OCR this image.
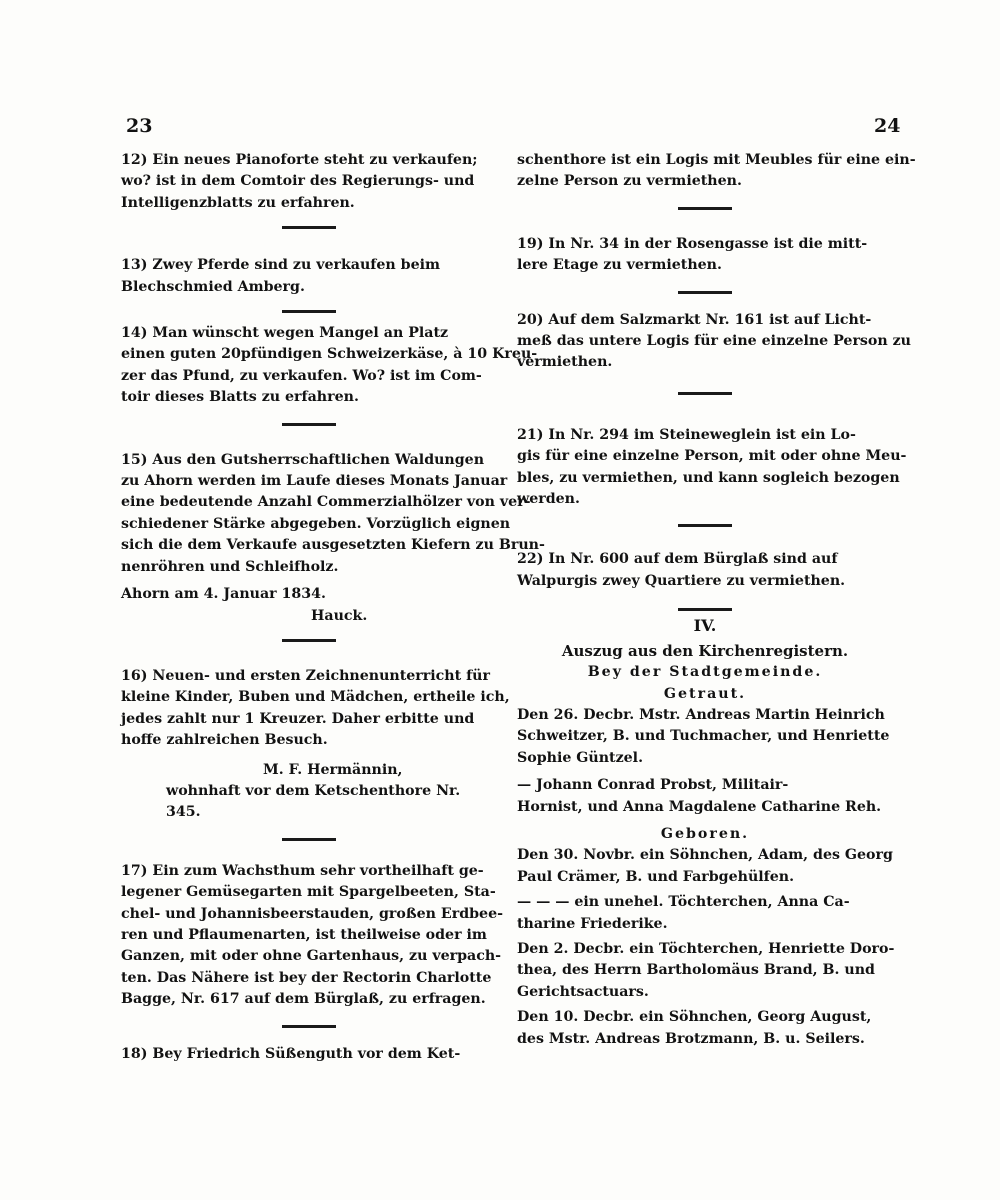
23	24
12) Ein neues Pianoforte steht zu verkaufen;
wo? ist in dem Comtoir des Regierungs- und
Intelligenzblatts zu erfahren.
13) Zwey Pferde sind zu verkaufen beim
Blechschmied Amberg.
14) Man wünscht wegen Mangel an Platz
einen guten 20pfündigen Schweizerkäse, à 10 Kreu-
zer das Pfund, zu verkaufen. Wo? ist im Com-
toir dieses Blatts zu erfahren.
15) Aus den Gutsherrschaftlichen Waldungen
zu Ahorn werden im Laufe dieses Monats Januar
eine bedeutende Anzahl Commerzialhölzer von ver-
schiedener Stärke abgegeben. Vorzüglich eignen
sich die dem Verkaufe ausgesetzten Kiefern zu Brun-
nenröhren und Schleifholz.
Ahorn am 4. Januar 1834.
Hauck.
16) Neuen- und ersten Zeichnenunterricht für
kleine Kinder, Buben und Mädchen, ertheile ich,
jedes zahlt nur 1 Kreuzer. Daher erbitte und
hoffe zahlreichen Besuch.
M. F. Hermännin,
wohnhaft vor dem Ketschenthore Nr. 345.
17) Ein zum Wachsthum sehr vortheilhaft ge-
legener Gemüsegarten mit Spargelbeeten, Sta-
chel- und Johannisbeerstauden, großen Erdbee-
ren und Pflaumenarten, ist theilweise oder im
Ganzen, mit oder ohne Gartenhaus, zu verpach-
ten. Das Nähere ist bey der Rectorin Charlotte
Bagge, Nr. 617 auf dem Bürglaß, zu erfragen.
18) Bey Friedrich Süßenguth vor dem Ket-
schenthore ist ein Logis mit Meubles für eine ein-
zelne Person zu vermiethen.
19) In Nr. 34 in der Rosengasse ist die mitt-
lere Etage zu vermiethen.
20) Auf dem Salzmarkt Nr. 161 ist auf Licht-
meß das untere Logis für eine einzelne Person zu
vermiethen.
21) In Nr. 294 im Steineweglein ist ein Lo-
gis für eine einzelne Person, mit oder ohne Meu-
bles, zu vermiethen, und kann sogleich bezogen
werden.
22) In Nr. 600 auf dem Bürglaß sind auf
Walpurgis zwey Quartiere zu vermiethen.
IV.
Auszug aus den Kirchenregistern.
Bey der Stadtgemeinde.
Getraut.
Den 26. Decbr. Mstr. Andreas Martin Heinrich
Schweitzer, B. und Tuchmacher, und Henriette
Sophie Güntzel.
— Johann Conrad Probst, Militair-
Hornist, und Anna Magdalene Catharine Reh.
Geboren.
Den 30. Novbr. ein Söhnchen, Adam, des Georg
Paul Crämer, B. und Farbgehülfen.
— — — ein unehel. Töchterchen, Anna Ca-
tharine Friederike.
Den 2. Decbr. ein Töchterchen, Henriette Doro-
thea, des Herrn Bartholomäus Brand, B. und
Gerichtsactuars.
Den 10. Decbr. ein Söhnchen, Georg August,
des Mstr. Andreas Brotzmann, B. u. Seilers.
